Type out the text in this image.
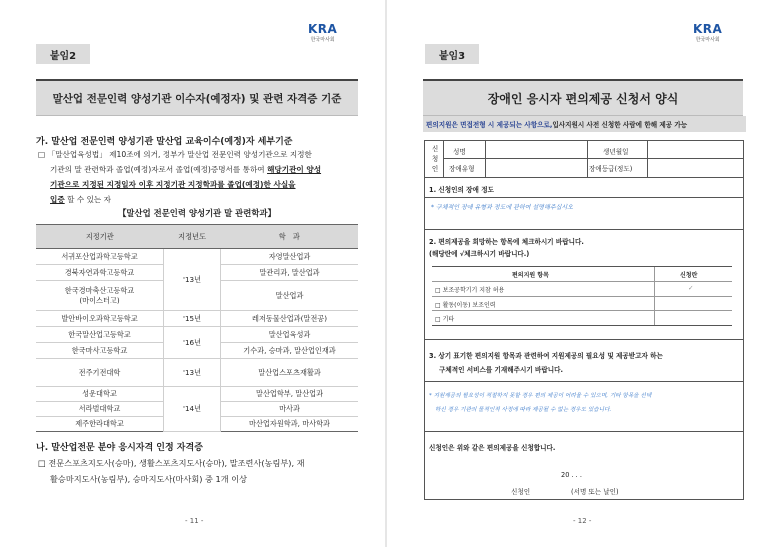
KRA
한국마사회
붙임2
말산업 전문인력 양성기관 이수자(예정자) 및 관련 자격증 기준
가. 말산업 전문인력 양성기관 말산업 교육이수(예정)자 세부기준
□ 「말산업육성법」 제10조에 의거, 정부가 말산업 전문인력 양성기관으로 지정한
기관의 말 관련학과 졸업(예정)자로서 졸업(예정)증명서를 통하여 해당기관이 양성
기관으로 지정된 지정일자 이후 지정기관 지정학과를 졸업(예정)한 사실을
입증 할 수 있는 자
【말산업 전문인력 양성기관 말 관련학과】
지정기관	지정년도	학　과
서귀포산업과학고등학교	'13년	자영말산업과
경북자연과학고등학교		말관리과, 말산업과
한국경마축산고등학교
(마이스터고)		말산업과
발안바이오과학고등학교	'15년	레저동물산업과(말전공)
한국말산업고등학교	'16년	말산업육성과
한국마사고등학교		기수과, 승마과, 말산업인재과
전주기전대학	'13년	말산업스포츠재활과
성운대학교	'14년	말산업학부, 말산업과
서라벌대학교		마사과
제주한라대학교		마산업자원학과, 마사학과
나. 말산업전문 분야 응시자격 인정 자격증
□ 전문스포츠지도사(승마), 생활스포츠지도사(승마), 말조련사(농림부), 재
활승마지도사(농림부), 승마지도사(마사회) 중 1개 이상
- 11 -
KRA
한국마사회
붙임3
장애인 응시자 편의제공 신청서 양식
편의지원은 면접전형 시 제공되는 사항으로, 입사지원시 사전 신청한 사람에 한해 제공 가능
신
청
인
성명	생년월일
장애유형	장애등급(정도)
1. 신청인의 장애 정도
* 구체적인 장애 유형과 정도에 관하여 설명해주십시오
2. 편의제공을 희망하는 항목에 체크하시기 바랍니다.
(해당란에 √체크하시기 바랍니다.)
편의지원 항목	신청란
□ 보조공학기기 지참 허용	✓
□ 활동(이동) 보조인력
□ 기타
3. 상기 표기한 편의지원 항목과 관련하여 지원제공의 필요성 및 제공받고자 하는
구체적인 서비스를 기재해주시기 바랍니다.
* 지원제공의 필요성이 적절하지 못할 경우 편의 제공이 어려울 수 있으며, 기타 항목을 선택
하신 경우 기관의 물적인적 사정에 따라 제공될 수 없는 경우도 있습니다.
신청인은 위와 같은 편의제공을 신청합니다.
20 . . .
신청인	(서명 또는 날인)
- 12 -
